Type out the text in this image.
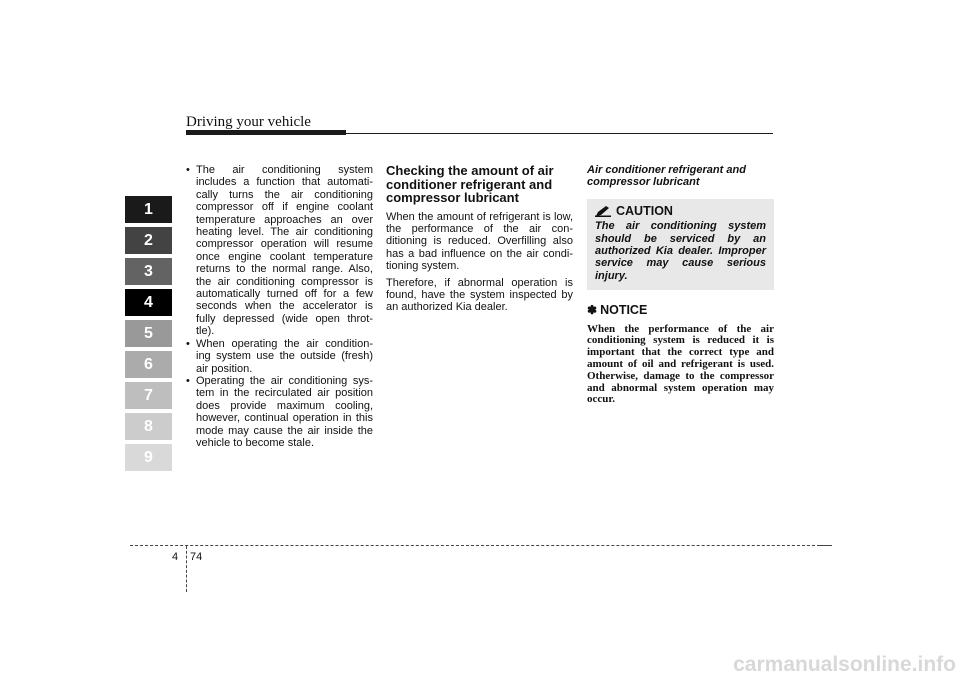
Driving your vehicle
1
2
3
4
5
6
7
8
9
• The air conditioning system includes a function that automati- cally turns the air conditioning compressor off if engine coolant temperature approaches an over heating level. The air conditioning compressor operation will resume once engine coolant temperature returns to the normal range. Also, the air conditioning compressor is automatically turned off for a few seconds when the accelerator is fully depressed (wide open throt- tle).
• When operating the air condition- ing system use the outside (fresh) air position.
• Operating the air conditioning sys- tem in the recirculated air position does provide maximum cooling, however, continual operation in this mode may cause the air inside the vehicle to become stale.
Checking the amount of air conditioner refrigerant and compressor lubricant

When the amount of refrigerant is low, the performance of the air con- ditioning is reduced. Overfilling also has a bad influence on the air condi- tioning system.

Therefore, if abnormal operation is found, have the system inspected by an authorized Kia dealer.

Air conditioner refrigerant and compressor lubricant
CAUTION
The air conditioning system should be serviced by an authorized Kia dealer. Improper service may cause serious injury.
✽ NOTICE
When the performance of the air conditioning system is reduced it is important that the correct type and amount of oil and refrigerant is used. Otherwise, damage to the compressor and abnormal system operation may occur.
4 74
carmanualsonline.info
